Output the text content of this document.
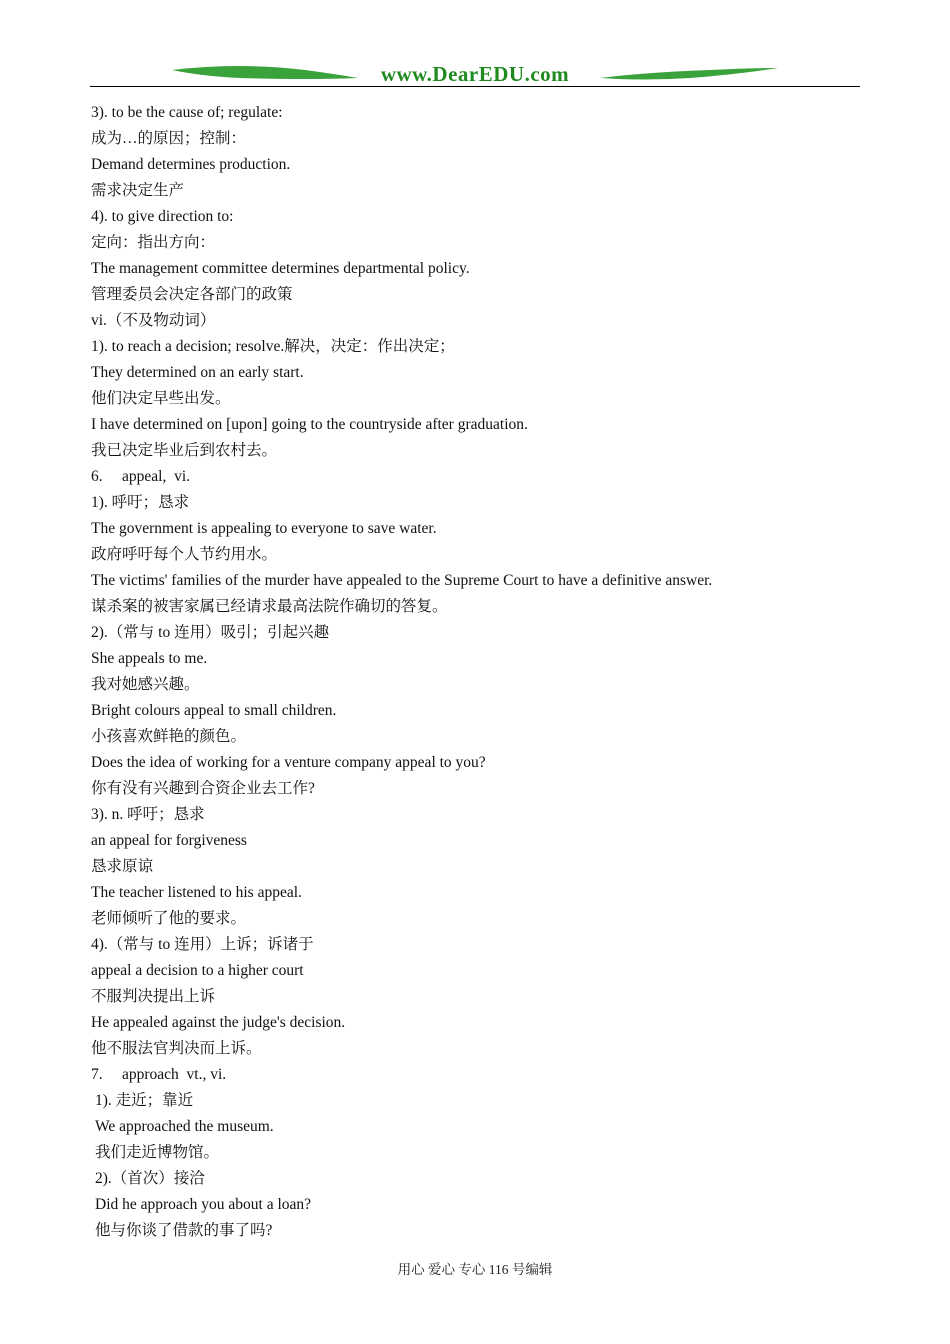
www.DearEDU.com
3). to be the cause of; regulate:
成为…的原因；控制：
Demand determines production.
需求决定生产
4). to give direction to:
定向：指出方向：
The management committee determines departmental policy.
管理委员会决定各部门的政策
vi.（不及物动词）
1). to reach a decision; resolve.解决，决定：作出决定；
They determined on an early start.
他们决定早些出发。
I have determined on [upon] going to the countryside after graduation.
我已决定毕业后到农村去。
6.     appeal,  vi.
1). 呼吁；恳求
The government is appealing to everyone to save water.
政府呼吁每个人节约用水。
The victims' families of the murder have appealed to the Supreme Court to have a definitive answer.
谋杀案的被害家属已经请求最高法院作确切的答复。
2).（常与 to 连用）吸引；引起兴趣
She appeals to me.
我对她感兴趣。
Bright colours appeal to small children.
小孩喜欢鲜艳的颜色。
Does the idea of working for a venture company appeal to you?
你有没有兴趣到合资企业去工作?
3). n. 呼吁；恳求
an appeal for forgiveness
恳求原谅
The teacher listened to his appeal.
老师倾听了他的要求。
4).（常与 to 连用）上诉；诉诸于
appeal a decision to a higher court
不服判决提出上诉
He appealed against the judge's decision.
他不服法官判决而上诉。
7.     approach  vt., vi.
1). 走近；靠近
We approached the museum.
我们走近博物馆。
2).（首次）接洽
Did he approach you about a loan?
他与你谈了借款的事了吗?
用心 爱心 专心 116 号编辑
